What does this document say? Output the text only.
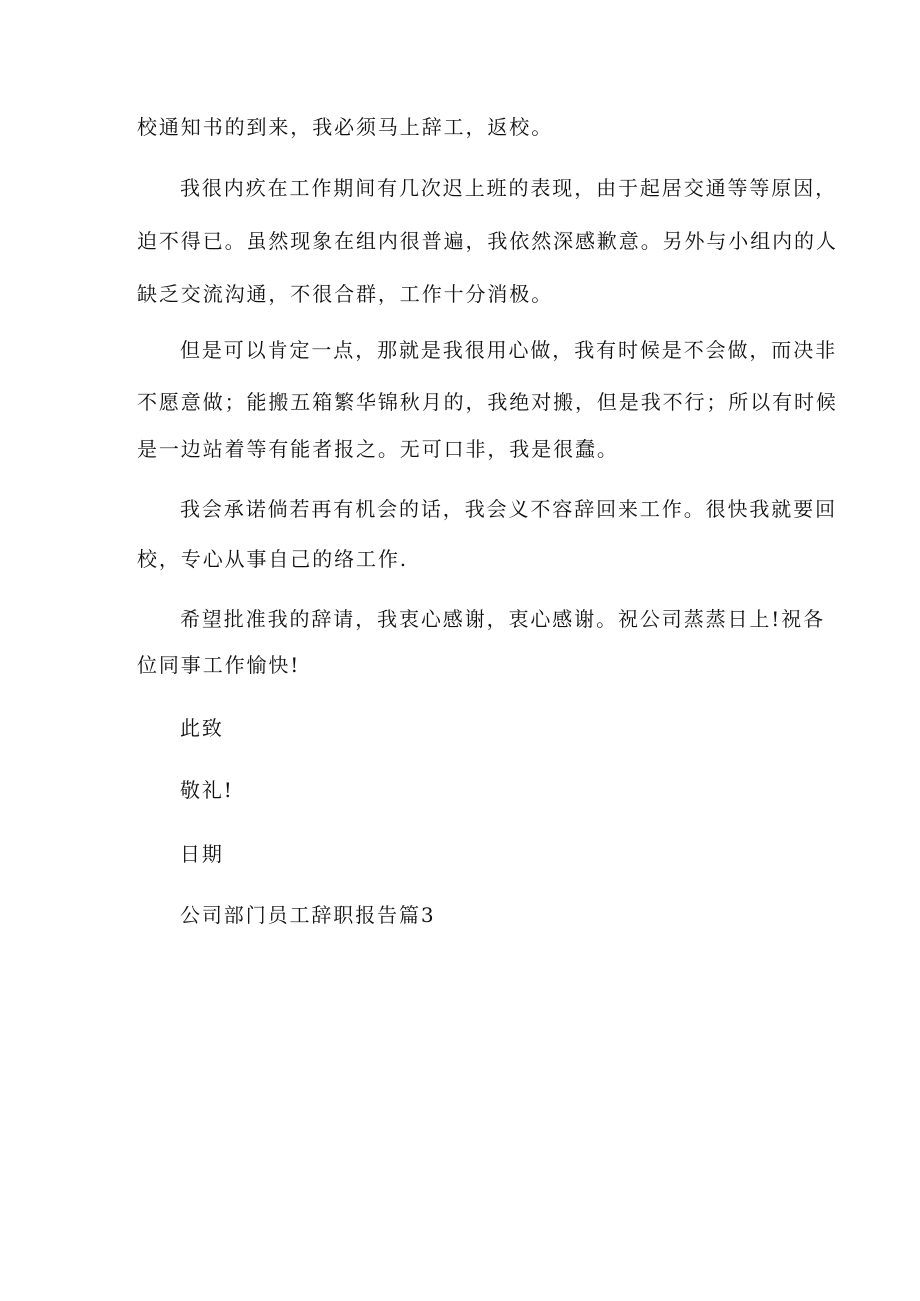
校通知书的到来，我必须马上辞工，返校。
我很内疚在工作期间有几次迟上班的表现，由于起居交通等等原因，
迫不得已。虽然现象在组内很普遍，我依然深感歉意。另外与小组内的人
缺乏交流沟通，不很合群，工作十分消极。
但是可以肯定一点，那就是我很用心做，我有时候是不会做，而决非
不愿意做；能搬五箱繁华锦秋月的，我绝对搬，但是我不行；所以有时候
是一边站着等有能者报之。无可口非，我是很蠢。
我会承诺倘若再有机会的话，我会义不容辞回来工作。很快我就要回
校，专心从事自己的络工作.
希望批准我的辞请，我衷心感谢，衷心感谢。祝公司蒸蒸日上!祝各
位同事工作愉快!
此致
敬礼!
日期
公司部门员工辞职报告篇3
